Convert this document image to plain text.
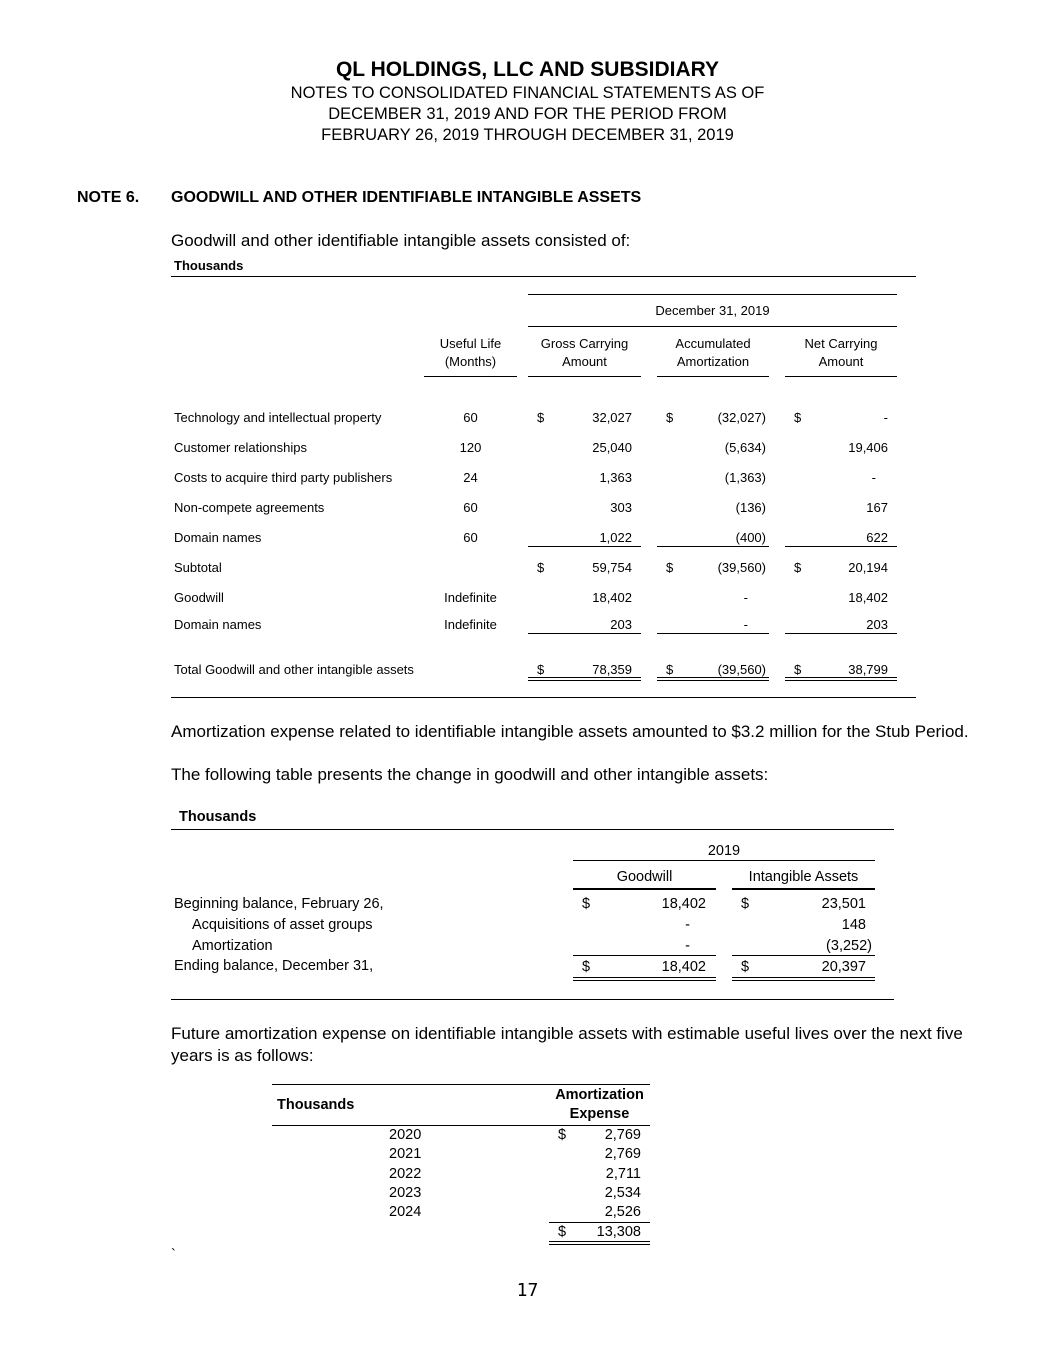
QL HOLDINGS, LLC AND SUBSIDIARY
NOTES TO CONSOLIDATED FINANCIAL STATEMENTS AS OF
DECEMBER 31, 2019 AND FOR THE PERIOD FROM
FEBRUARY 26, 2019 THROUGH DECEMBER 31, 2019
NOTE 6. GOODWILL AND OTHER IDENTIFIABLE INTANGIBLE ASSETS
Goodwill and other identifiable intangible assets consisted of:
Thousands
December 31, 2019
Useful Life
(Months)
Gross Carrying
Amount
Accumulated
Amortization
Net Carrying
Amount
Technology and intellectual property	60	$	32,027	$	(32,027) $	-
Customer relationships	120	25,040	(5,634)	19,406
Costs to acquire third party publishers	24	1,363	(1,363)	-
Non-compete agreements	60	303	(136)	167
Domain names	60	1,022	(400)	622
Subtotal	$	59,754	$	(39,560) $	20,194
Goodwill	Indefinite	18,402	-	18,402
Domain names	Indefinite	203	-	203
Total Goodwill and other intangible assets	$	78,359	$	(39,560) $	38,799
Amortization expense related to identifiable intangible assets amounted to $3.2 million for the Stub Period.
The following table presents the change in goodwill and other intangible assets:
Thousands
2019
Goodwill	Intangible Assets
Beginning balance, February 26,	$	18,402 $	23,501
Acquisitions of asset groups	-	148
Amortization	-	(3,252)
Ending balance, December 31,	$	18,402 $	20,397
Future amortization expense on identifiable intangible assets with estimable useful lives over the next five years is as follows:
Thousands
Amortization
Expense
2020	$	2,769
2021	2,769
2022	2,711
2023	2,534
2024	2,526
$	13,308
`
17
